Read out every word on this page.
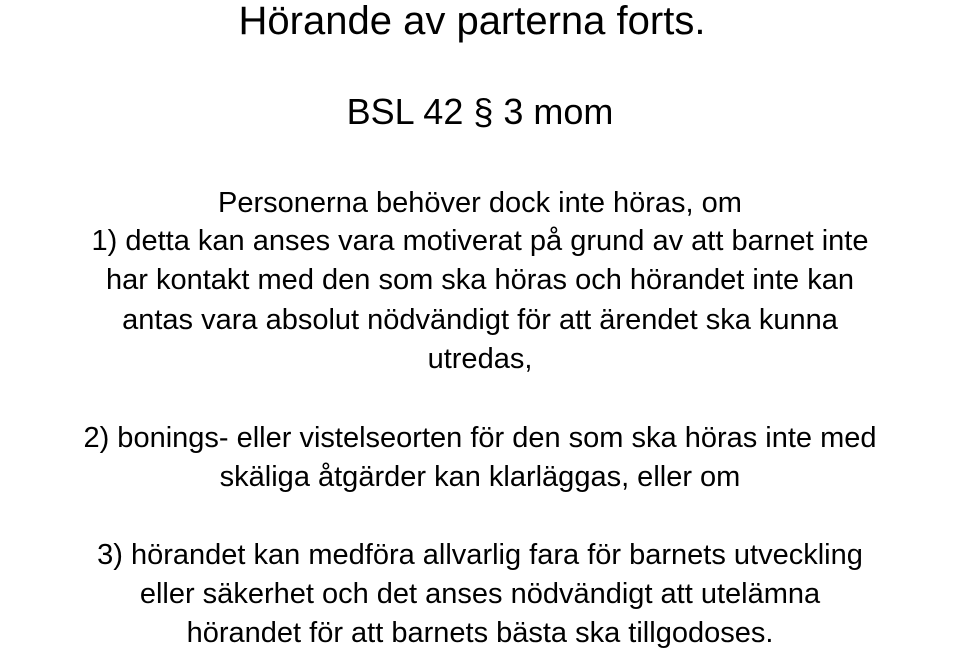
Hörande av parterna forts.
BSL 42 § 3 mom
Personerna behöver dock inte höras, om
1) detta kan anses vara motiverat på grund av att barnet inte
har kontakt med den som ska höras och hörandet inte kan
antas vara absolut nödvändigt för att ärendet ska kunna
utredas,
2) bonings- eller vistelseorten för den som ska höras inte med
skäliga åtgärder kan klarläggas, eller om
3) hörandet kan medföra allvarlig fara för barnets utveckling
eller säkerhet och det anses nödvändigt att utelämna
hörandet för att barnets bästa ska tillgodoses.
